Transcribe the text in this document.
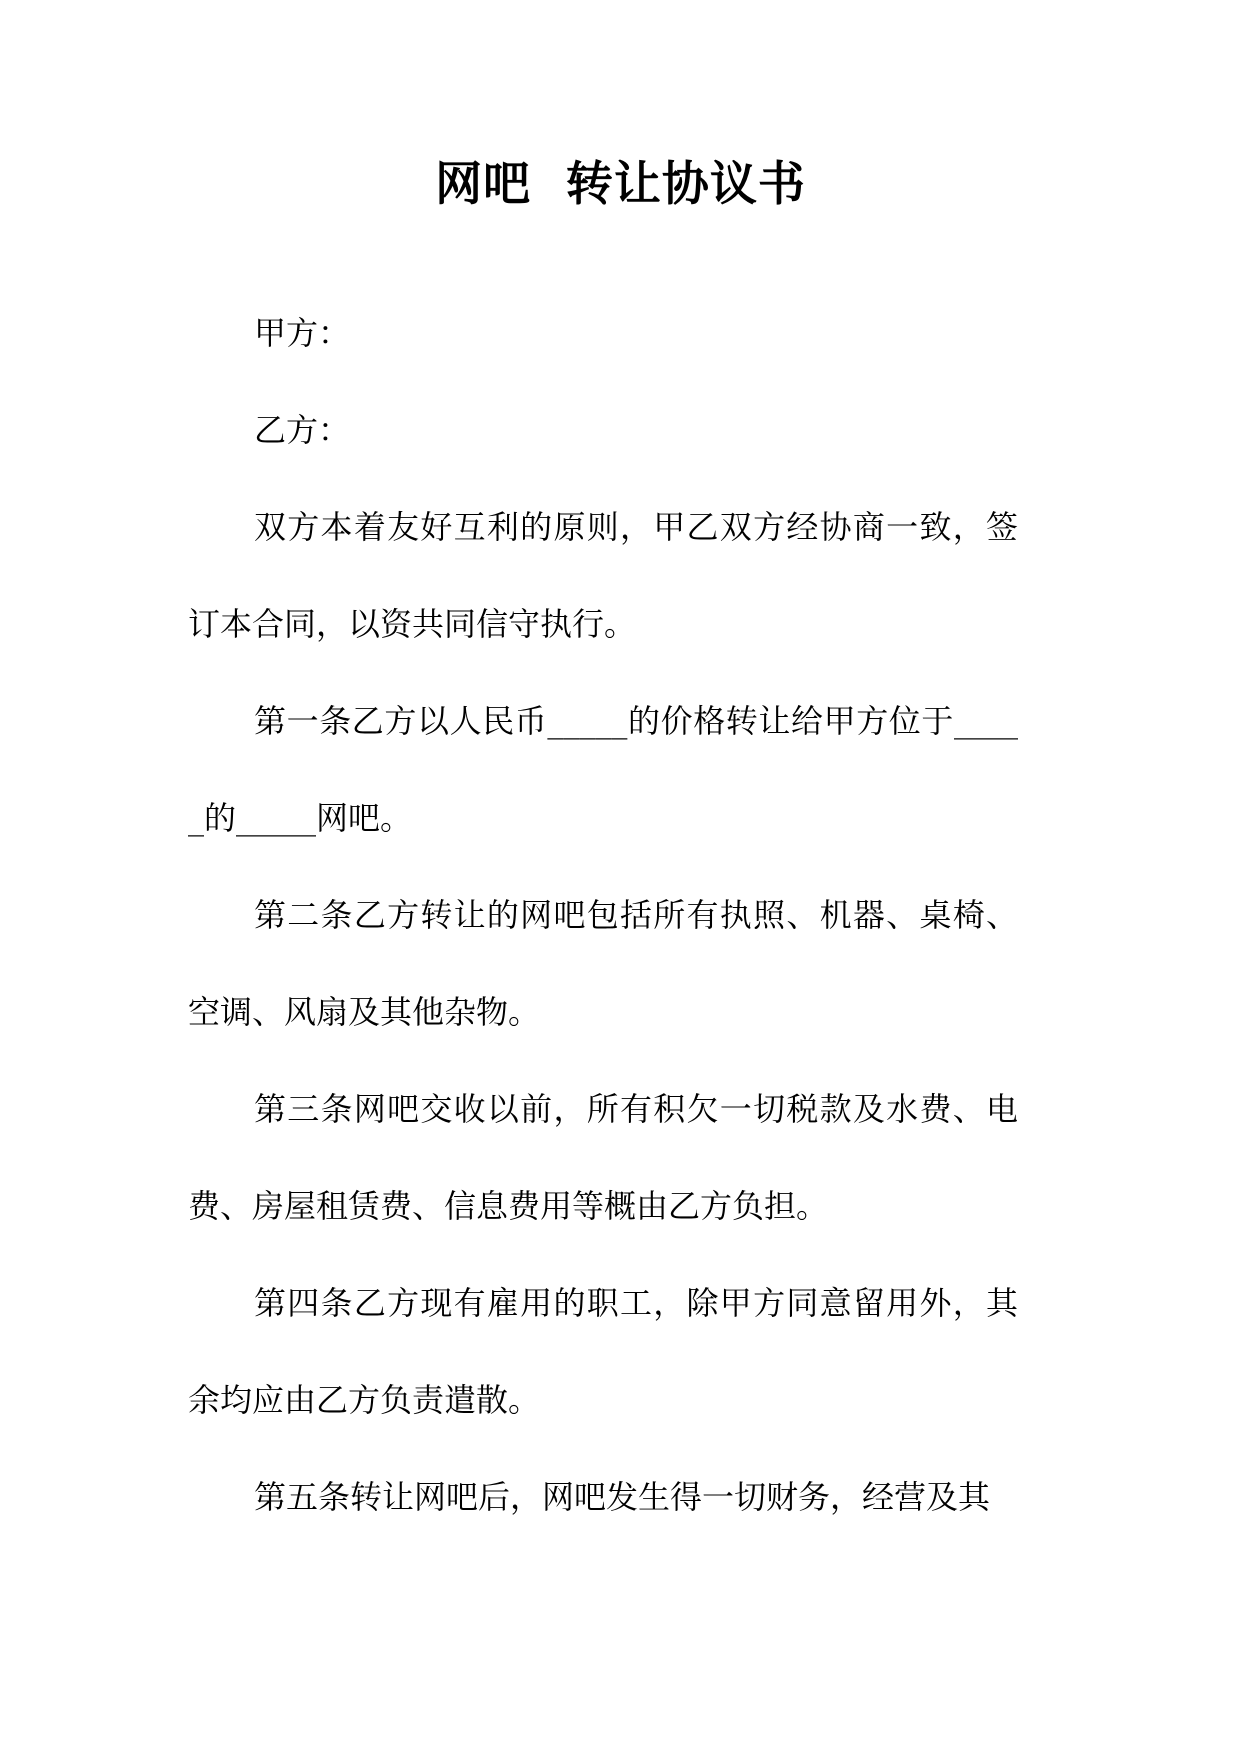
网吧  转让协议书

甲方：

乙方：

双方本着友好互利的原则，甲乙双方经协商一致，签订本合同，以资共同信守执行。

第一条乙方以人民币_____的价格转让给甲方位于_____的_____网吧。

第二条乙方转让的网吧包括所有执照、机器、桌椅、空调、风扇及其他杂物。

第三条网吧交收以前，所有积欠一切税款及水费、电费、房屋租赁费、信息费用等概由乙方负担。

第四条乙方现有雇用的职工，除甲方同意留用外，其余均应由乙方负责遣散。

第五条转让网吧后，网吧发生得一切财务，经营及其
